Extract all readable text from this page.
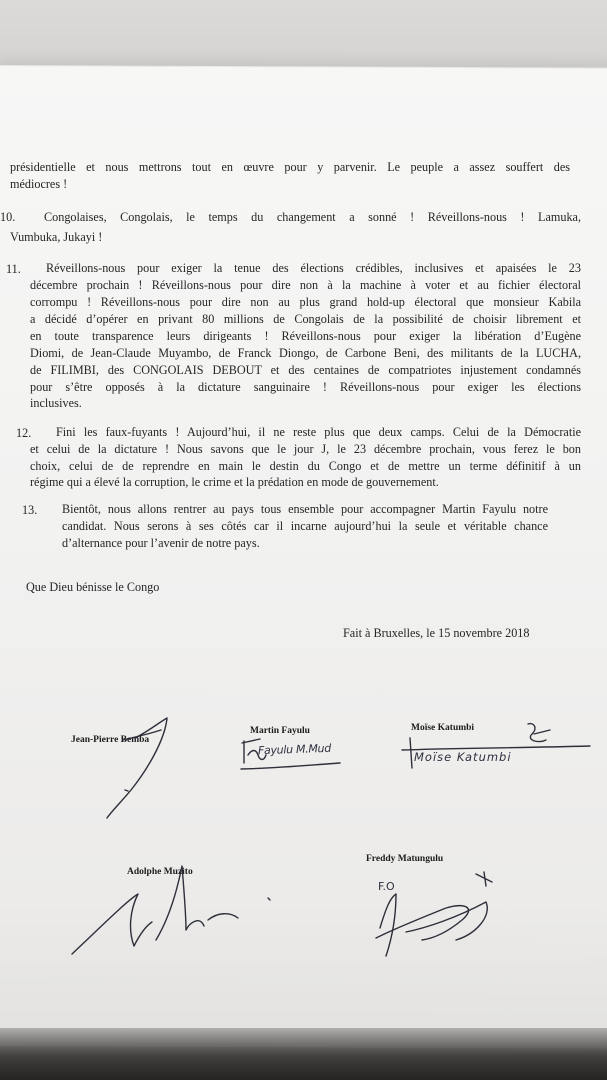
présidentielle et nous mettrons tout en œuvre pour y parvenir. Le peuple a assez souffert des
médiocres !
10. Congolaises, Congolais, le temps du changement a sonné ! Réveillons-nous ! Lamuka,
Vumbuka, Jukayi !
11. Réveillons-nous pour exiger la tenue des élections crédibles, inclusives et apaisées le 23
décembre prochain ! Réveillons-nous pour dire non à la machine à voter et au fichier électoral
corrompu ! Réveillons-nous pour dire non au plus grand hold-up électoral que monsieur Kabila
a décidé d’opérer en privant 80 millions de Congolais de la possibilité de choisir librement et
en toute transparence leurs dirigeants ! Réveillons-nous pour exiger la libération d’Eugène
Diomi, de Jean-Claude Muyambo, de Franck Diongo, de Carbone Beni, des militants de la LUCHA,
de FILIMBI, des CONGOLAIS DEBOUT et des centaines de compatriotes injustement condamnés
pour s’être opposés à la dictature sanguinaire ! Réveillons-nous pour exiger les élections
inclusives.
12. Fini les faux-fuyants ! Aujourd’hui, il ne reste plus que deux camps. Celui de la Démocratie
et celui de la dictature ! Nous savons que le jour J, le 23 décembre prochain, vous ferez le bon
choix, celui de de reprendre en main le destin du Congo et de mettre un terme définitif à un
régime qui a élevé la corruption, le crime et la prédation en mode de gouvernement.
13. Bientôt, nous allons rentrer au pays tous ensemble pour accompagner Martin Fayulu notre
candidat. Nous serons à ses côtés car il incarne aujourd’hui la seule et véritable chance
d’alternance pour l’avenir de notre pays.
Que Dieu bénisse le Congo
Fait à Bruxelles, le 15 novembre 2018
Jean-Pierre Bemba
Martin Fayulu	Moïse Katumbi
Adolphe Muzito
Freddy Matungulu
Fayulu M.Mud	Moïse Katumbi
F.O
